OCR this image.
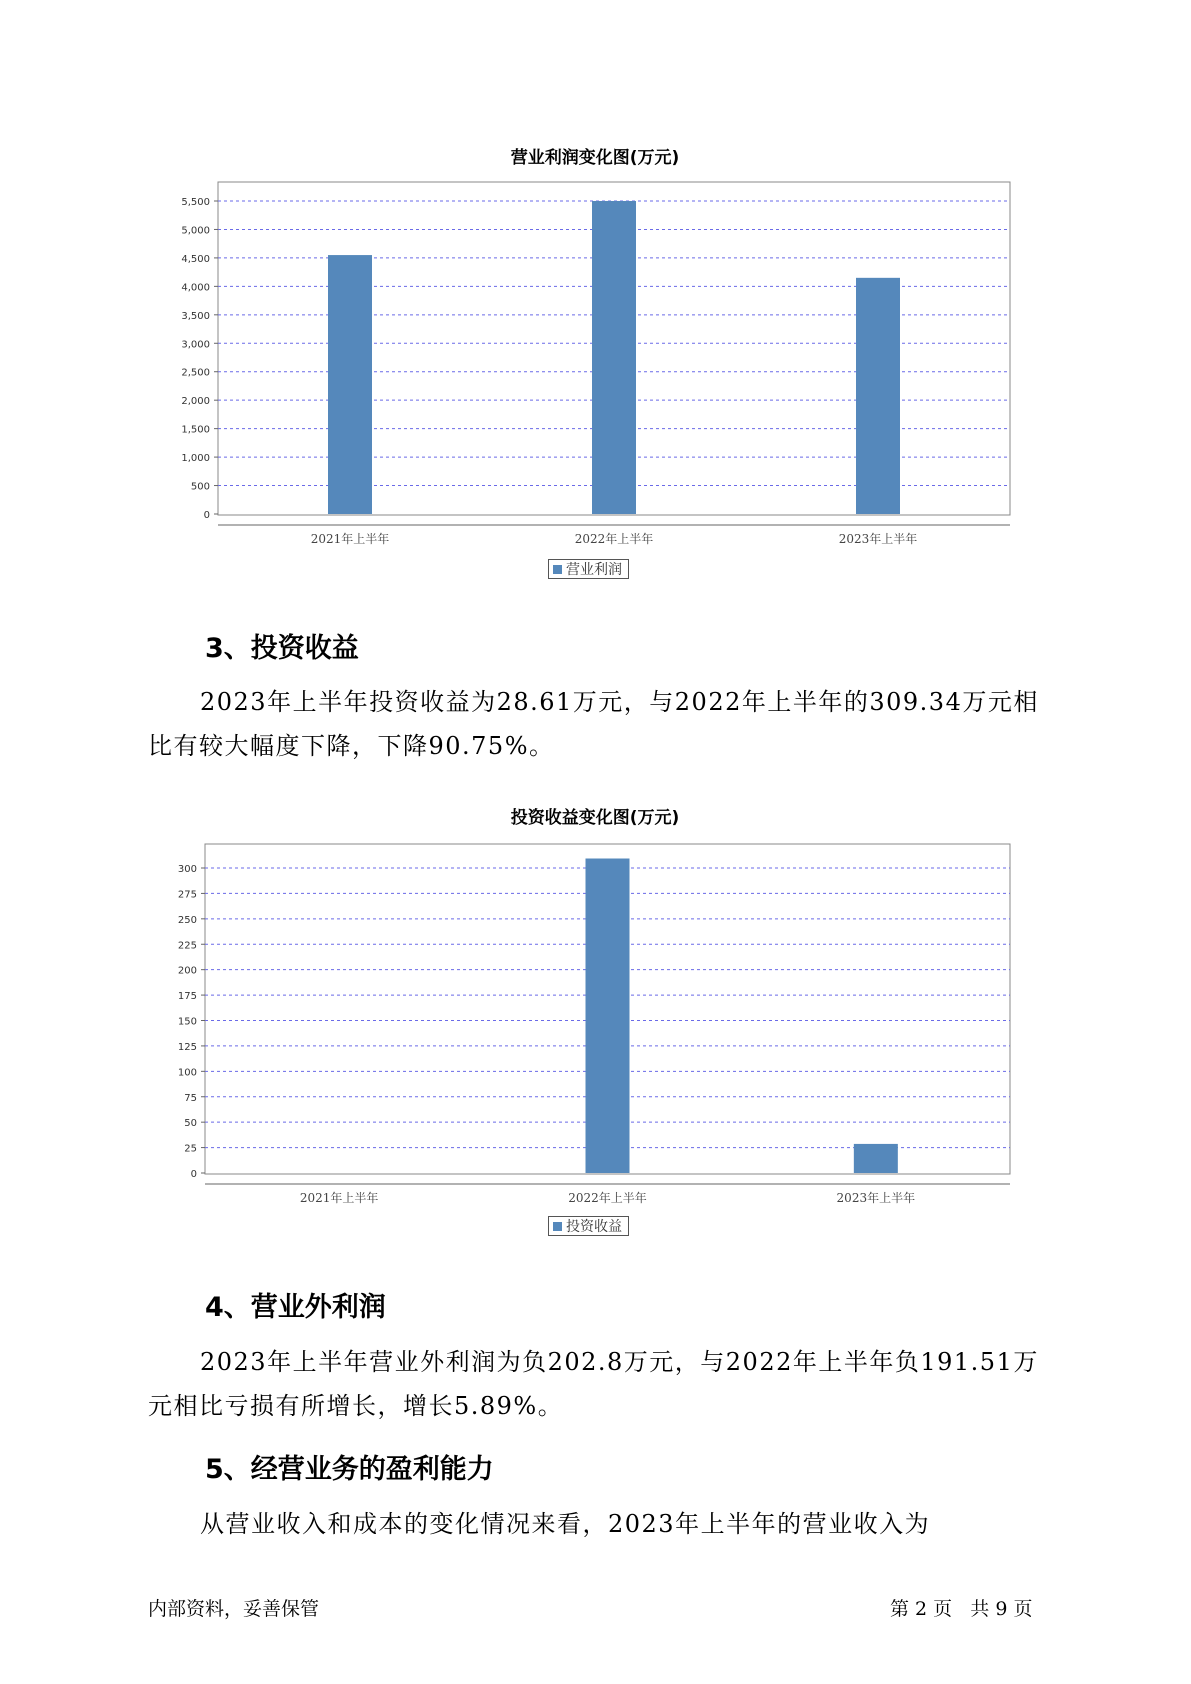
营业利润变化图(万元)
0
500
1,000
1,500
2,000
2,500
3,000
3,500
4,000
4,500
5,000
5,500
2021年上半年	2022年上半年	2023年上半年
营业利润
3、投资收益
2023年上半年投资收益为28.61万元，与2022年上半年的309.34万元相
比有较大幅度下降，下降90.75%。
投资收益变化图(万元)
0
25
50
75
100
125
150
175
200
225
250
275
300
2021年上半年	2022年上半年	2023年上半年
投资收益
4、营业外利润
2023年上半年营业外利润为负202.8万元，与2022年上半年负191.51万
元相比亏损有所增长，增长5.89%。
5、经营业务的盈利能力
从营业收入和成本的变化情况来看，2023年上半年的营业收入为
内部资料，妥善保管	第 2 页   共 9 页
